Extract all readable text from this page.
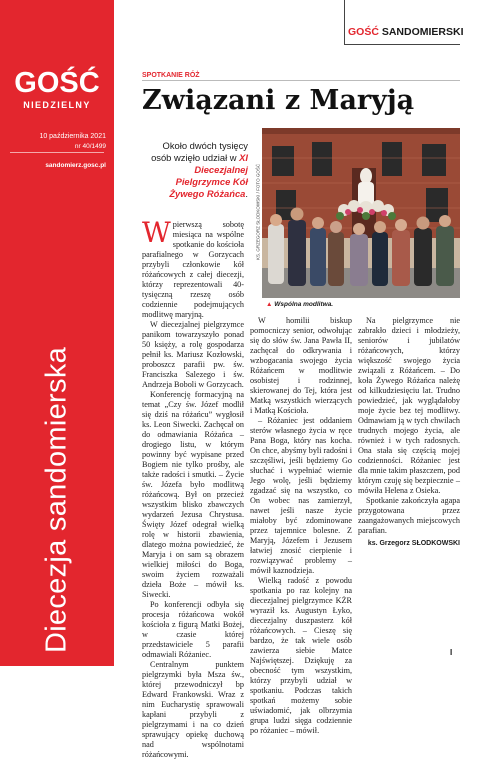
GOŚĆ
NIEDZIELNY
10 października 2021
nr 40/1499
sandomierz.gosc.pl
Diecezja sandomierska
GOŚĆ SANDOMIERSKI
SPOTKANIE RÓŻ
Związani z Maryją
Około dwóch tysięcy osób wzięło udział w XI Diecezjalnej Pielgrzymce Kół Żywego Różańca. KS. GRZEGORZ SŁODKOWSKI / FOTO GOŚĆ
▲ Wspólna modlitwa.

Wpierwszą sobotę miesiąca na wspólne spotkanie do kościoła parafialnego w Gorzycach przybyli członkowie kół różańcowych z całej diecezji, którzy reprezentowali 40-tysięczną rzeszę osób codziennie podejmujących modlitwę maryjną.

W diecezjalnej pielgrzymce panikom towarzyszyło ponad 50 księży, a rolę gospodarza pełnił ks. Mariusz Kozłowski, proboszcz parafii pw. św. Franciszka Salezego i św. Andrzeja Boboli w Gorzycach.

Konferencję formacyjną na temat „Czy św. Józef modlił się dziś na różańcu” wygłosił ks. Leon Siwecki. Zachęcał on do odmawiania Różańca – drogiego listu, w którym powinny być wypisane przed Bogiem nie tylko prośby, ale także radości i smutki. – Życie św. Józefa było modlitwą różańcową. Był on przecież wszystkim blisko zbawczych wydarzeń Jezusa Chrystusa. Święty Józef odegrał wielką rolę w historii zbawienia, dlatego można powiedzieć, że Maryja i on sam są obrazem wielkiej miłości do Boga, swoim życiem rozważali dzieła Boże – mówił ks. Siwecki.

Po konferencji odbyła się procesja różańcowa wokół kościoła z figurą Matki Bożej, w czasie której przedstawiciele 5 parafii odmawiali Różaniec.

Centralnym punktem pielgrzymki była Msza św., której przewodniczył bp Edward Frankowski. Wraz z nim Eucharystię sprawowali kapłani przybyli z pielgrzymami i na co dzień sprawujący opiekę duchową nad wspólnotami różańcowymi.

W homilii biskup pomocniczy senior, odwołując się do słów św. Jana Pawła II, zachęcał do odkrywania i wzbogacania swojego życia Różańcem w modlitwie osobistej i rodzinnej, skierowanej do Tej, która jest Matką wszystkich wierzących i Matką Kościoła.

– Różaniec jest oddaniem sterów własnego życia w ręce Pana Boga, który nas kocha. On chce, abyśmy byli radośni i szczęśliwi, jeśli będziemy Go słuchać i wypełniać wiernie Jego wolę, jeśli będziemy zgadzać się na wszystko, co On wobec nas zamierzył, nawet jeśli nasze życie miałoby być zdominowane przez tajemnice bolesne. Z Maryją, Józefem i Jezusem łatwiej znosić cierpienie i rozwiązywać problemy – mówił kaznodzieja.

Wielką radość z powodu spotkania po raz kolejny na diecezjalnej pielgrzymce KŻR wyraził ks. Augustyn Łyko, diecezjalny duszpasterz kół różańcowych. – Cieszę się bardzo, że tak wiele osób zawierza siebie Matce Najświętszej. Dziękuję za obecność tym wszystkim, którzy przybyli udział w spotkaniu. Podczas takich spotkań możemy sobie uświadomić, jak olbrzymia grupa ludzi sięga codziennie po różaniec – mówił.

Na pielgrzymce nie zabrakło dzieci i młodzieży, seniorów i jubilatów różańcowych, którzy większość swojego życia związali z Różańcem. – Do koła Żywego Różańca należę od kilkudziesięciu lat. Trudno powiedzieć, jak wyglądałoby moje życie bez tej modlitwy. Odmawiam ją w tych chwilach trudnych mojego życia, ale również i w tych radosnych. Ona stała się częścią mojej codzienności. Różaniec jest dla mnie takim płaszczem, pod którym czuję się bezpiecznie – mówiła Helena z Osieka.

Spotkanie zakończyła agapa przygotowana przez zaangażowanych miejscowych parafian.

ks. Grzegorz SŁODKOWSKI

I
